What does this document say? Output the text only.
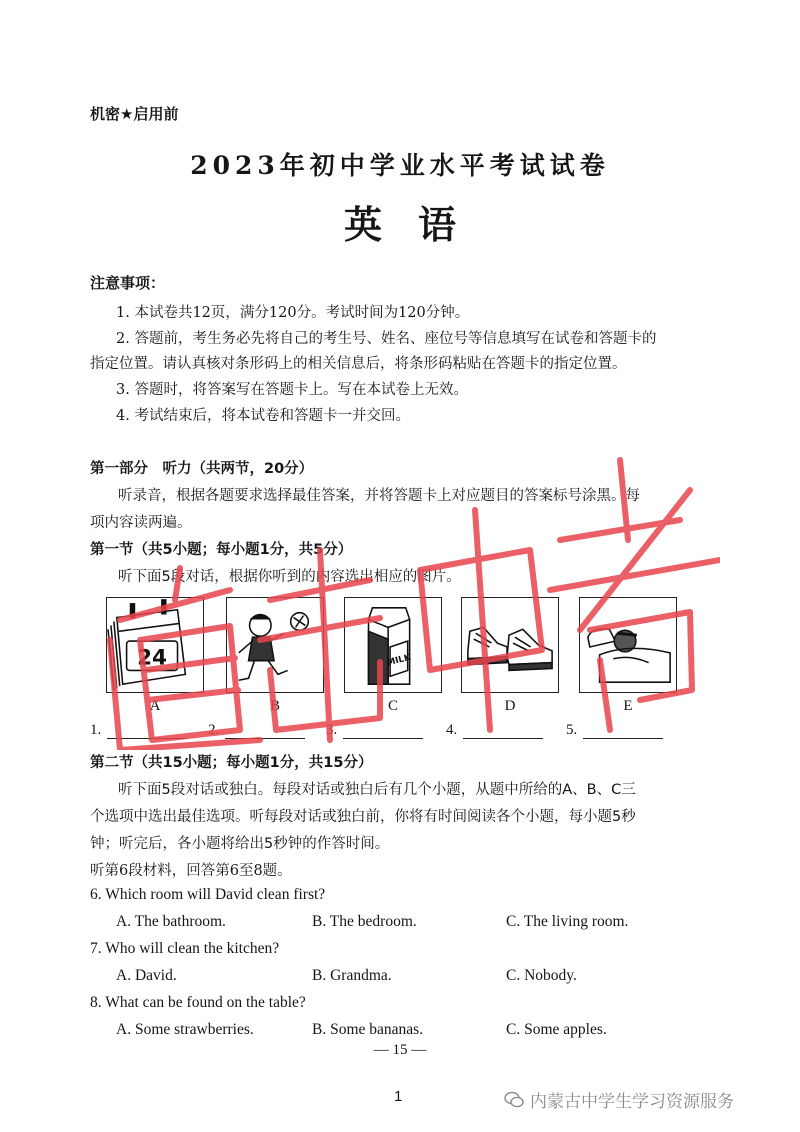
机密★启用前
2023年初中学业水平考试试卷
英语
注意事项：
1. 本试卷共12页，满分120分。考试时间为120分钟。
2. 答题前，考生务必先将自己的考生号、姓名、座位号等信息填写在试卷和答题卡的
指定位置。请认真核对条形码上的相关信息后，将条形码粘贴在答题卡的指定位置。
3. 答题时，将答案写在答题卡上。写在本试卷上无效。
4. 考试结束后，将本试卷和答题卡一并交回。
第一部分　听力（共两节，20分）
听录音，根据各题要求选择最佳答案，并将答题卡上对应题目的答案标号涂黑。每
项内容读两遍。
第一节（共5小题；每小题1分，共5分）
听下面5段对话，根据你听到的内容选出相应的图片。
24	MILK
A	B	C	D	E
1.	2.	3.	4.	5.
第二节（共15小题；每小题1分，共15分）
听下面5段对话或独白。每段对话或独白后有几个小题，从题中所给的A、B、C三
个选项中选出最佳选项。听每段对话或独白前，你将有时间阅读各个小题，每小题5秒
钟；听完后，各小题将给出5秒钟的作答时间。
听第6段材料，回答第6至8题。
6. Which room will David clean first?
A. The bathroom.	B. The bedroom.	C. The living room.
7. Who will clean the kitchen?
A. David.	B. Grandma.	C. Nobody.
8. What can be found on the table?
A. Some strawberries.	B. Some bananas.	C. Some apples.
— 15 —
1	内蒙古中学生学习资源服务
